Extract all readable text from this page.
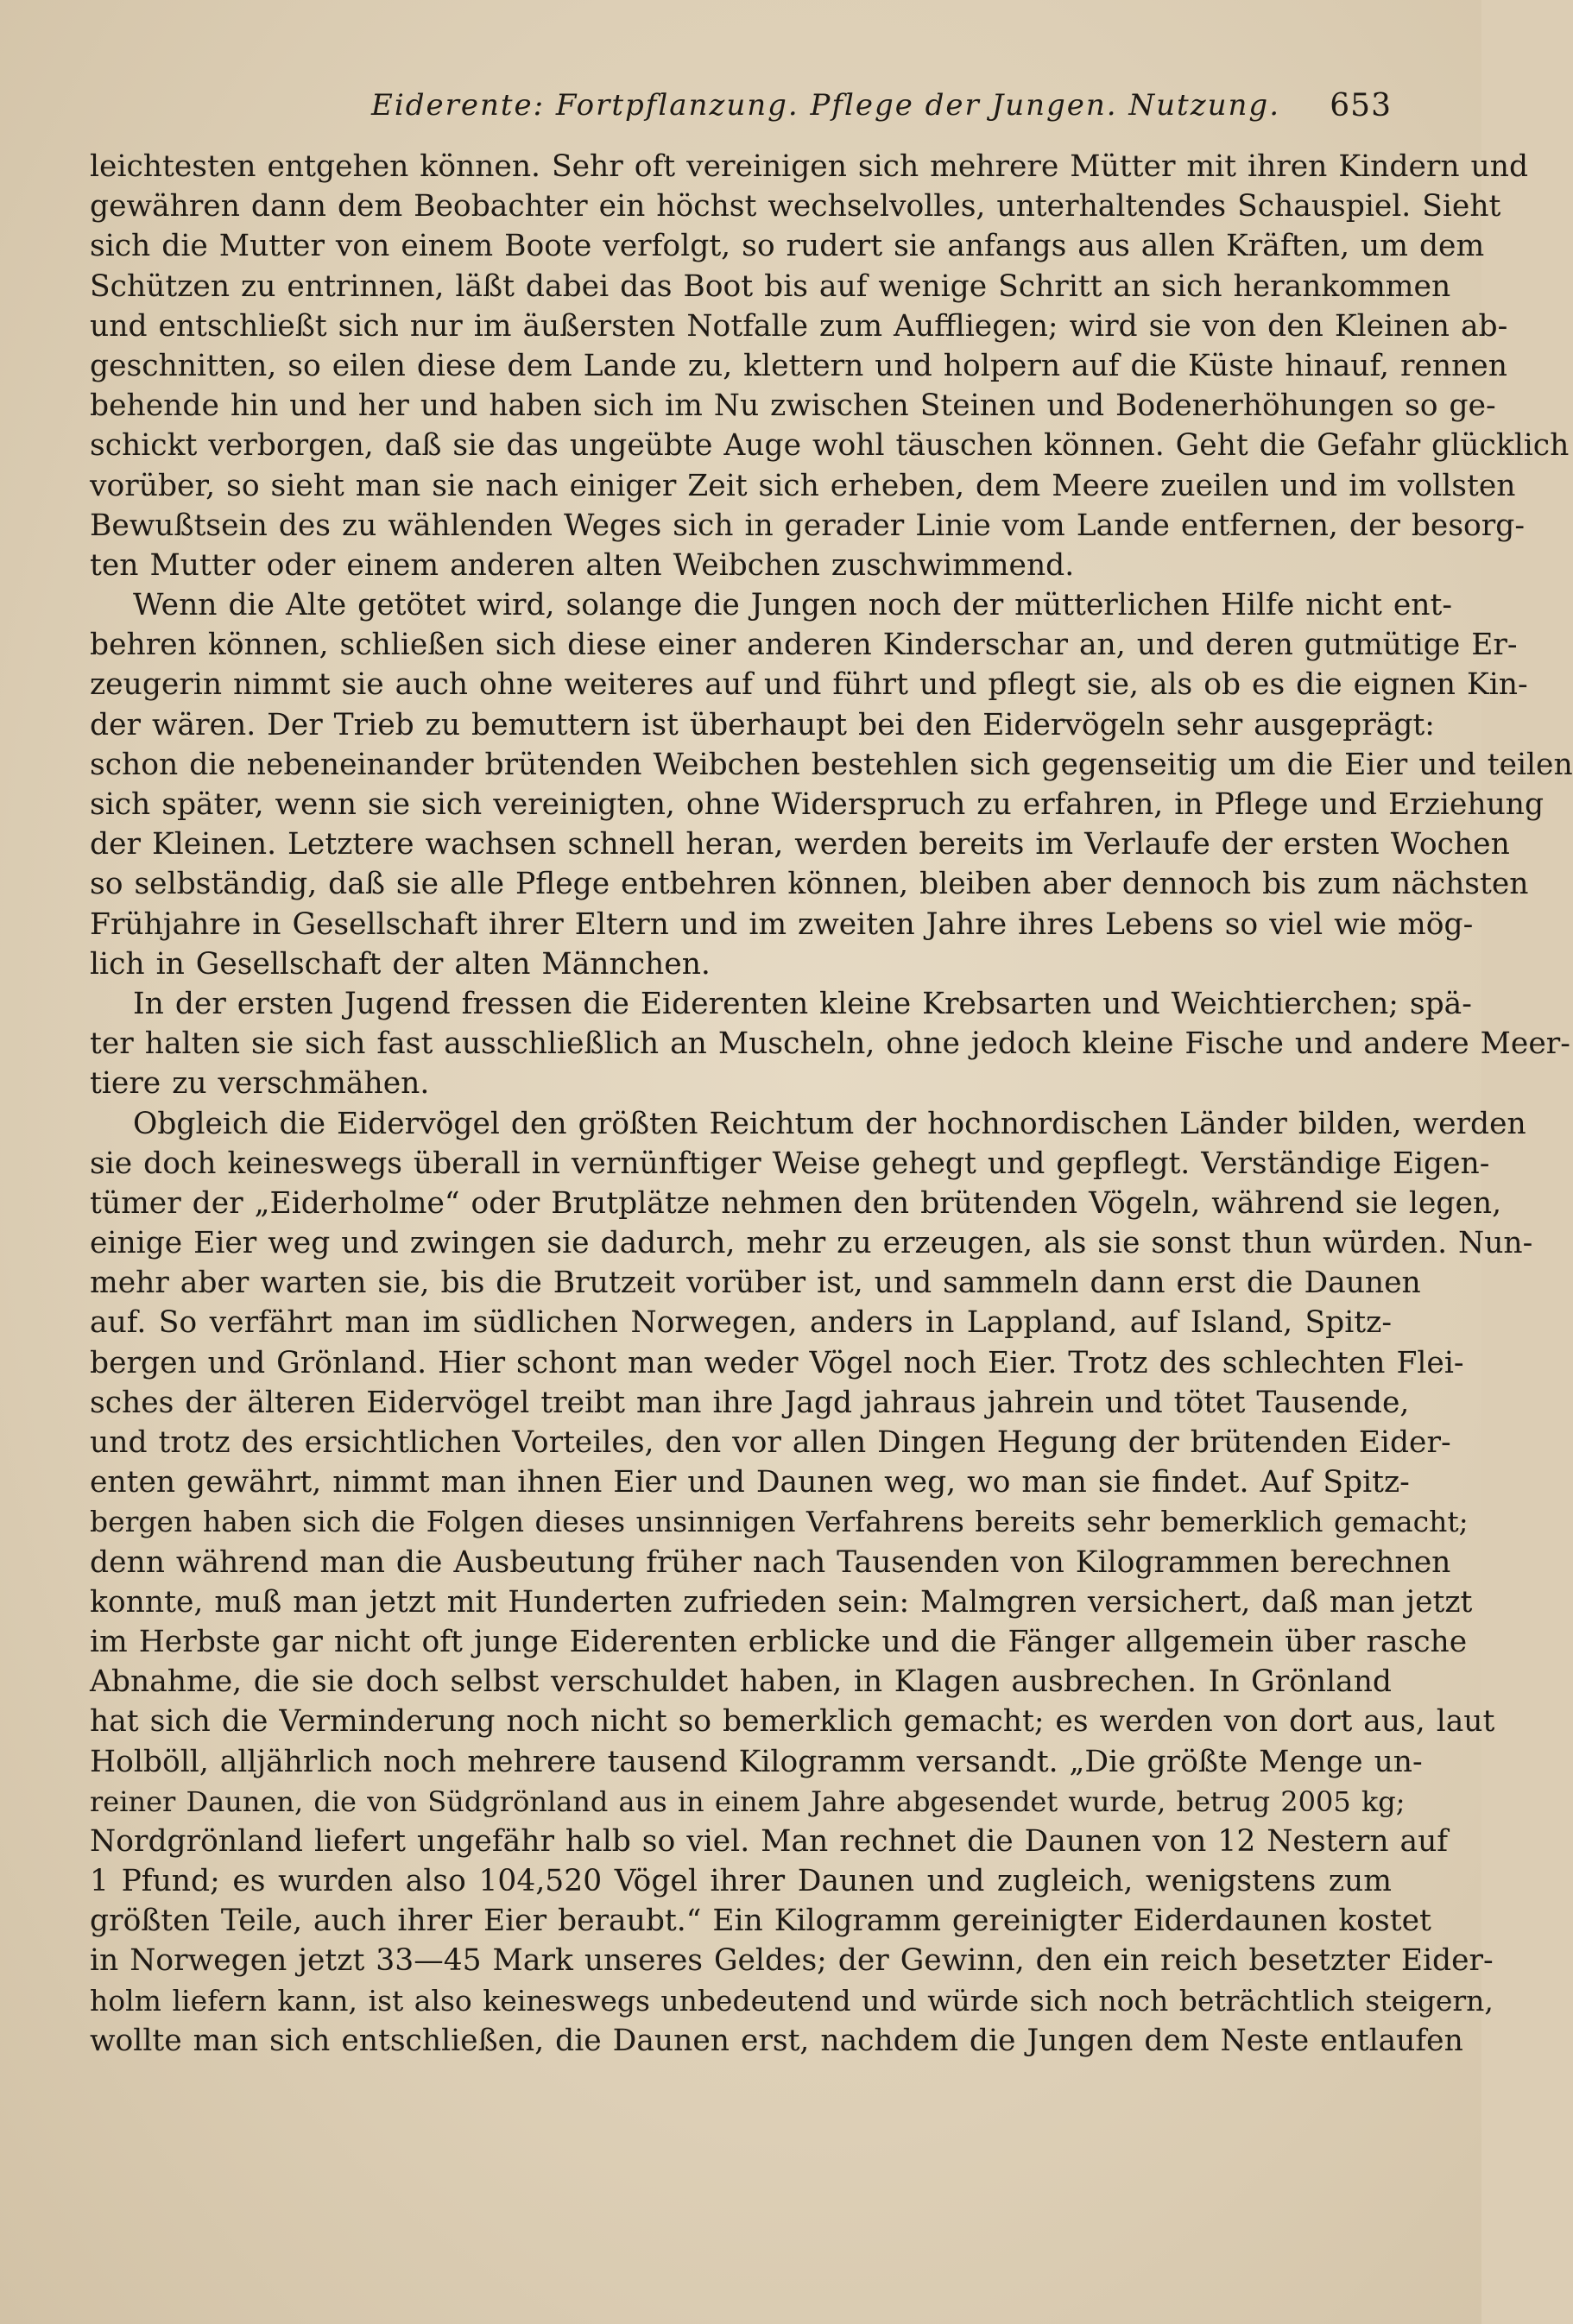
Eiderente: Fortpflanzung. Pflege der Jungen. Nutzung. 653
leichtesten entgehen können. Sehr oft vereinigen sich mehrere Mütter mit ihren Kindern und
gewähren dann dem Beobachter ein höchst wechselvolles, unterhaltendes Schauspiel. Sieht
sich die Mutter von einem Boote verfolgt, so rudert sie anfangs aus allen Kräften, um dem
Schützen zu entrinnen, läßt dabei das Boot bis auf wenige Schritt an sich herankommen
und entschließt sich nur im äußersten Notfalle zum Auffliegen; wird sie von den Kleinen ab-
geschnitten, so eilen diese dem Lande zu, klettern und holpern auf die Küste hinauf, rennen
behende hin und her und haben sich im Nu zwischen Steinen und Bodenerhöhungen so ge-
schickt verborgen, daß sie das ungeübte Auge wohl täuschen können. Geht die Gefahr glücklich
vorüber, so sieht man sie nach einiger Zeit sich erheben, dem Meere zueilen und im vollsten
Bewußtsein des zu wählenden Weges sich in gerader Linie vom Lande entfernen, der besorg-
ten Mutter oder einem anderen alten Weibchen zuschwimmend.
Wenn die Alte getötet wird, solange die Jungen noch der mütterlichen Hilfe nicht ent-
behren können, schließen sich diese einer anderen Kinderschar an, und deren gutmütige Er-
zeugerin nimmt sie auch ohne weiteres auf und führt und pflegt sie, als ob es die eignen Kin-
der wären. Der Trieb zu bemuttern ist überhaupt bei den Eidervögeln sehr ausgeprägt:
schon die nebeneinander brütenden Weibchen bestehlen sich gegenseitig um die Eier und teilen
sich später, wenn sie sich vereinigten, ohne Widerspruch zu erfahren, in Pflege und Erziehung
der Kleinen. Letztere wachsen schnell heran, werden bereits im Verlaufe der ersten Wochen
so selbständig, daß sie alle Pflege entbehren können, bleiben aber dennoch bis zum nächsten
Frühjahre in Gesellschaft ihrer Eltern und im zweiten Jahre ihres Lebens so viel wie mög-
lich in Gesellschaft der alten Männchen.
In der ersten Jugend fressen die Eiderenten kleine Krebsarten und Weichtierchen; spä-
ter halten sie sich fast ausschließlich an Muscheln, ohne jedoch kleine Fische und andere Meer-
tiere zu verschmähen.
Obgleich die Eidervögel den größten Reichtum der hochnordischen Länder bilden, werden
sie doch keineswegs überall in vernünftiger Weise gehegt und gepflegt. Verständige Eigen-
tümer der „Eiderholme“ oder Brutplätze nehmen den brütenden Vögeln, während sie legen,
einige Eier weg und zwingen sie dadurch, mehr zu erzeugen, als sie sonst thun würden. Nun-
mehr aber warten sie, bis die Brutzeit vorüber ist, und sammeln dann erst die Daunen
auf. So verfährt man im südlichen Norwegen, anders in Lappland, auf Island, Spitz-
bergen und Grönland. Hier schont man weder Vögel noch Eier. Trotz des schlechten Flei-
sches der älteren Eidervögel treibt man ihre Jagd jahraus jahrein und tötet Tausende,
und trotz des ersichtlichen Vorteiles, den vor allen Dingen Hegung der brütenden Eider-
enten gewährt, nimmt man ihnen Eier und Daunen weg, wo man sie findet. Auf Spitz-
bergen haben sich die Folgen dieses unsinnigen Verfahrens bereits sehr bemerklich gemacht;
denn während man die Ausbeutung früher nach Tausenden von Kilogrammen berechnen
konnte, muß man jetzt mit Hunderten zufrieden sein: Malmgren versichert, daß man jetzt
im Herbste gar nicht oft junge Eiderenten erblicke und die Fänger allgemein über rasche
Abnahme, die sie doch selbst verschuldet haben, in Klagen ausbrechen. In Grönland
hat sich die Verminderung noch nicht so bemerklich gemacht; es werden von dort aus, laut
Holböll, alljährlich noch mehrere tausend Kilogramm versandt. „Die größte Menge un-
reiner Daunen, die von Südgrönland aus in einem Jahre abgesendet wurde, betrug 2005 kg;
Nordgrönland liefert ungefähr halb so viel. Man rechnet die Daunen von 12 Nestern auf
1 Pfund; es wurden also 104,520 Vögel ihrer Daunen und zugleich, wenigstens zum
größten Teile, auch ihrer Eier beraubt.“ Ein Kilogramm gereinigter Eiderdaunen kostet
in Norwegen jetzt 33—45 Mark unseres Geldes; der Gewinn, den ein reich besetzter Eider-
holm liefern kann, ist also keineswegs unbedeutend und würde sich noch beträchtlich steigern,
wollte man sich entschließen, die Daunen erst, nachdem die Jungen dem Neste entlaufen
